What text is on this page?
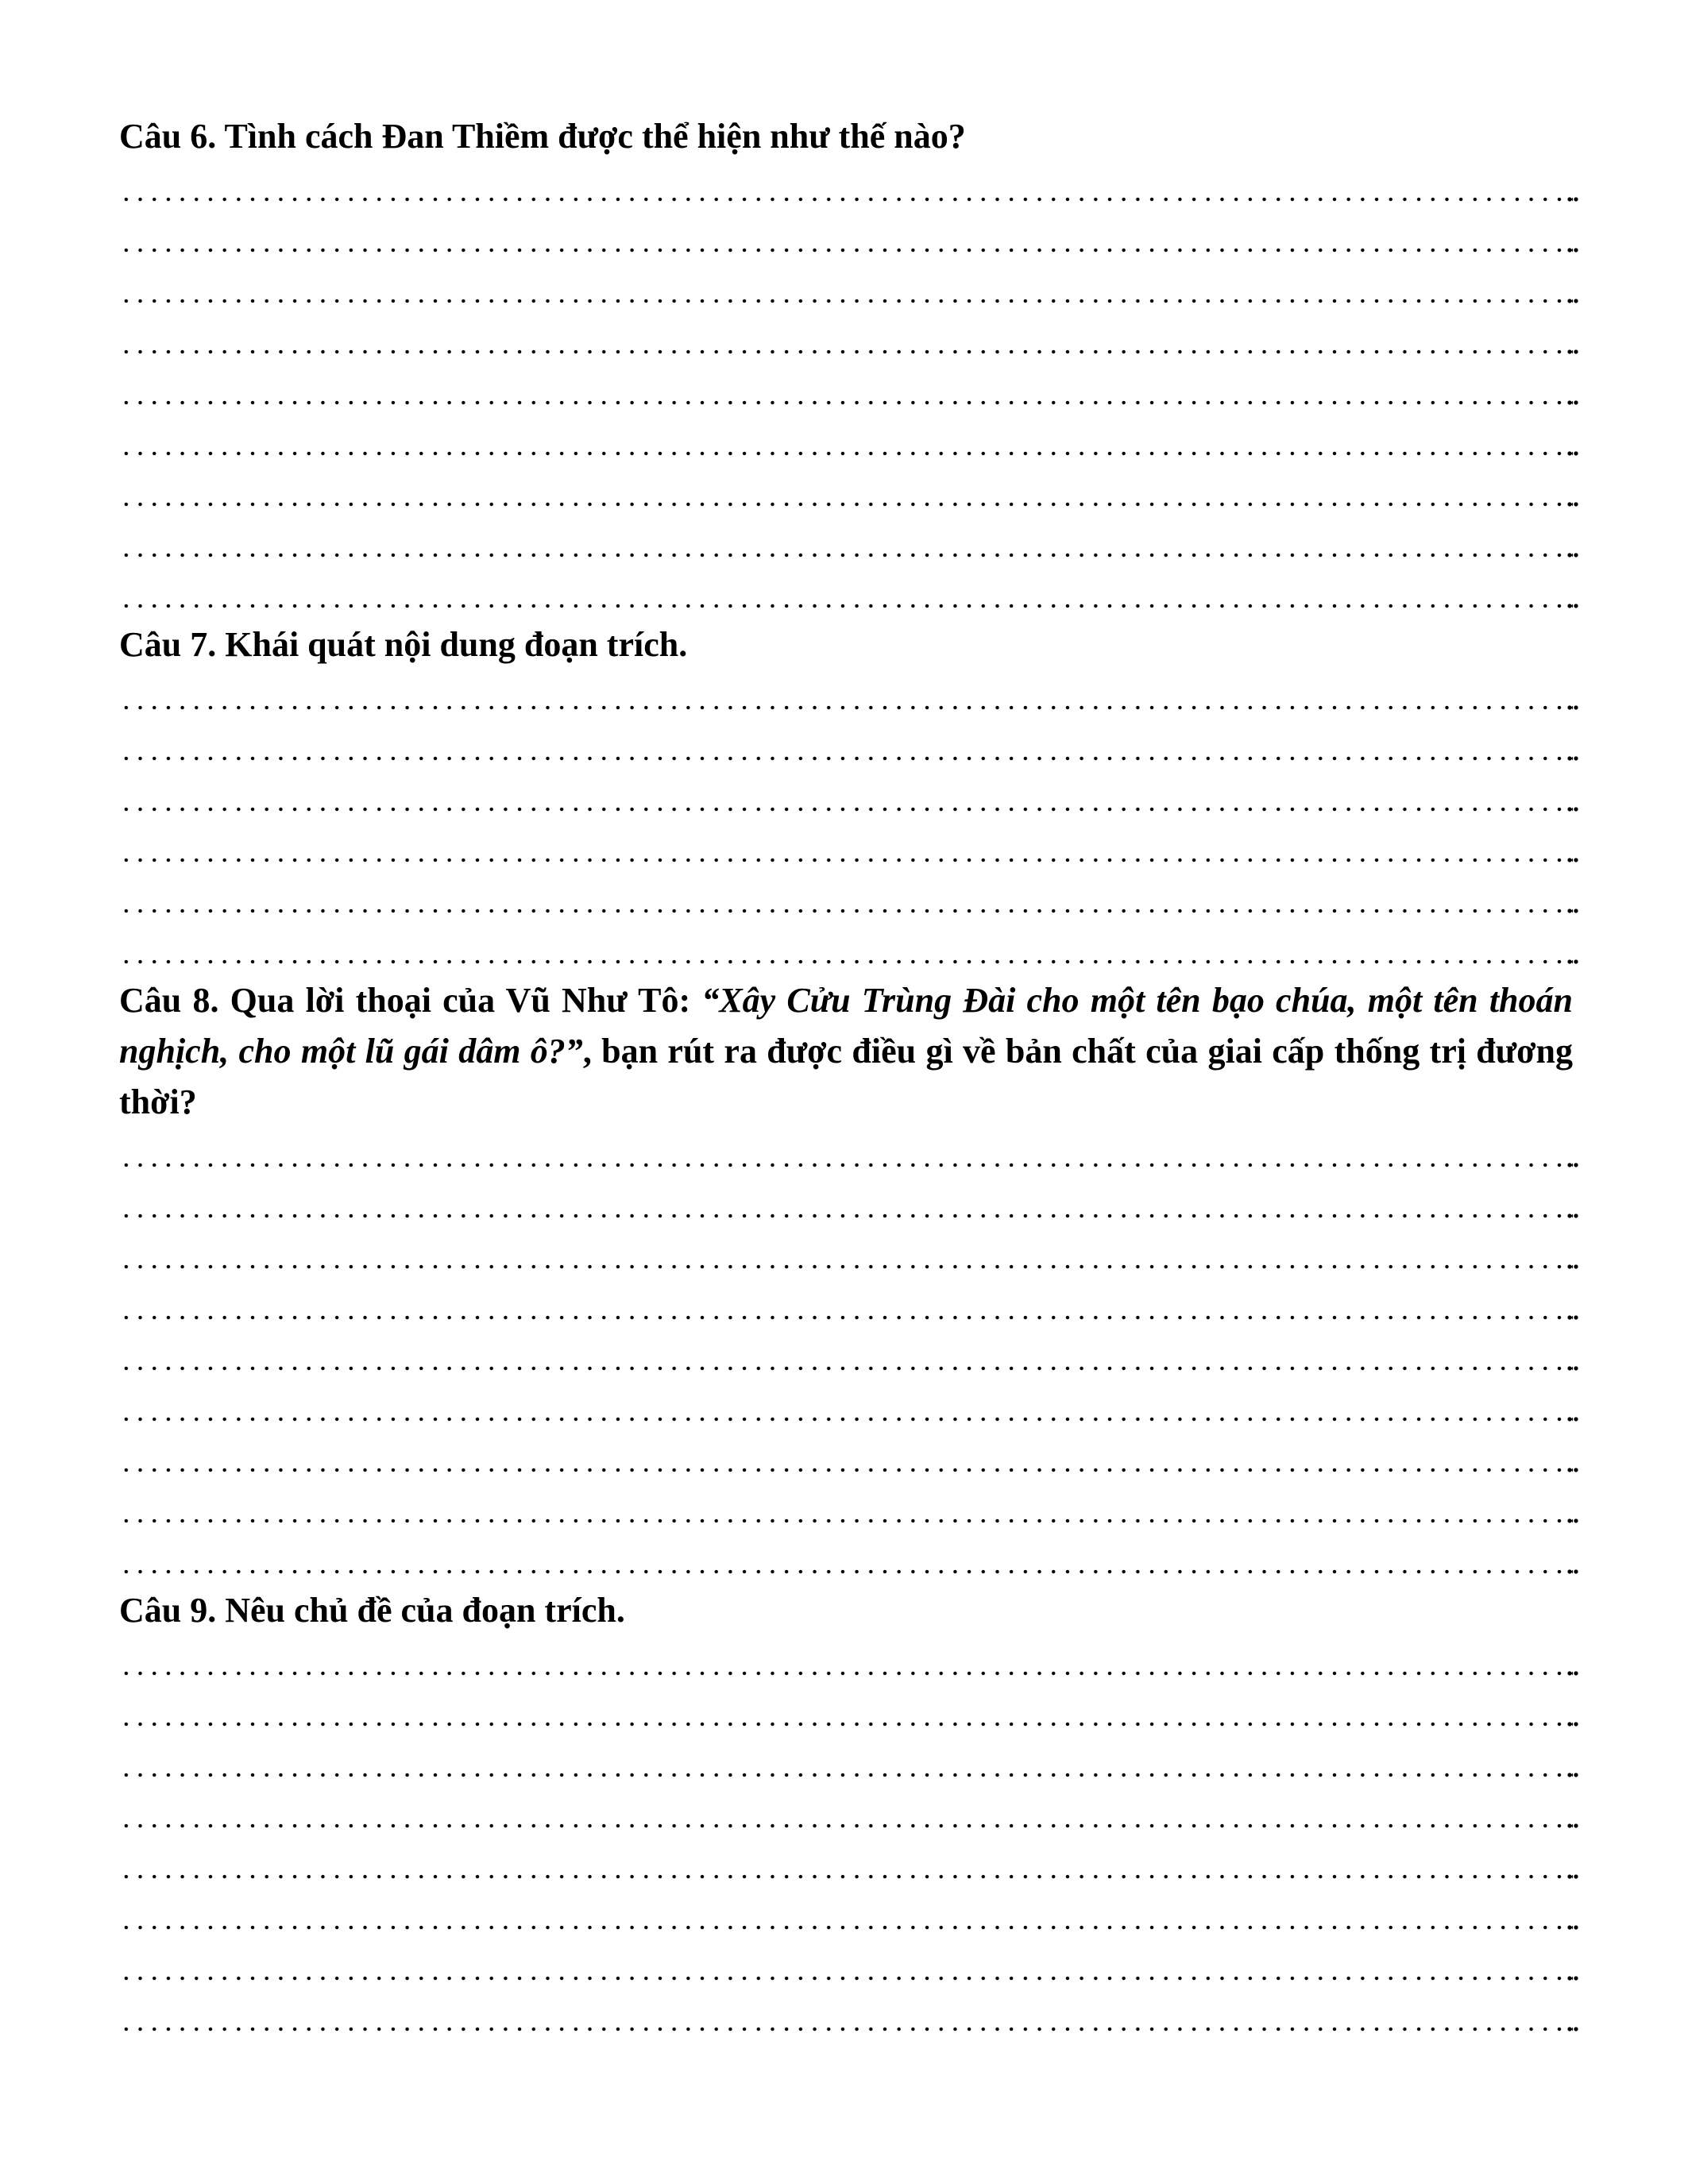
Câu 6. Tình cách Đan Thiềm được thể hiện như thế nào?

Câu 7. Khái quát nội dung đoạn trích.

Câu 8. Qua lời thoại của Vũ Như Tô: “Xây Cửu Trùng Đài cho một tên bạo chúa, một tên thoán nghịch, cho một lũ gái dâm ô?”, bạn rút ra được điều gì về bản chất của giai cấp thống trị đương thời?

Câu 9. Nêu chủ đề của đoạn trích.
